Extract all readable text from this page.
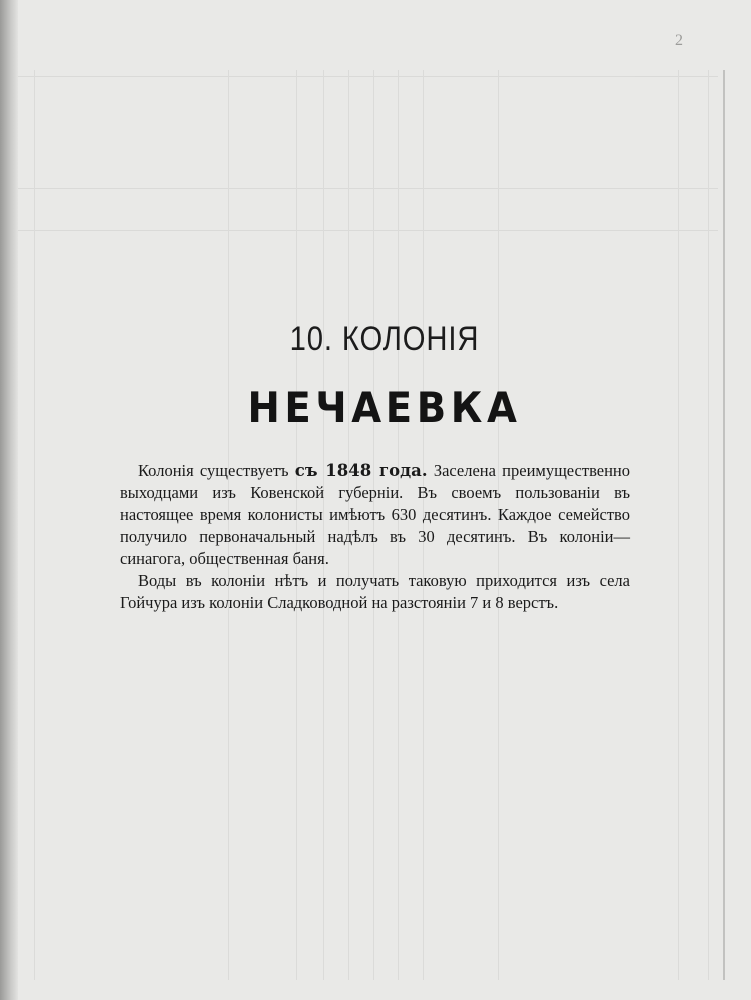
2
10. КОЛОНІЯ
НЕЧАЕВКА

Колонія существуетъ съ 1848 года. Заселена преимущественно выходцами изъ Ковенской губерніи. Въ своемъ пользованіи въ настоящее время колонисты имѣютъ 630 десятинъ. Каждое семейство получило первоначальный надѣлъ въ 30 десятинъ. Въ колоніи—синагога, общественная баня.

Воды въ колоніи нѣтъ и получать таковую приходится изъ села Гойчура изъ колоніи Сладководной на разстояніи 7 и 8 верстъ.
